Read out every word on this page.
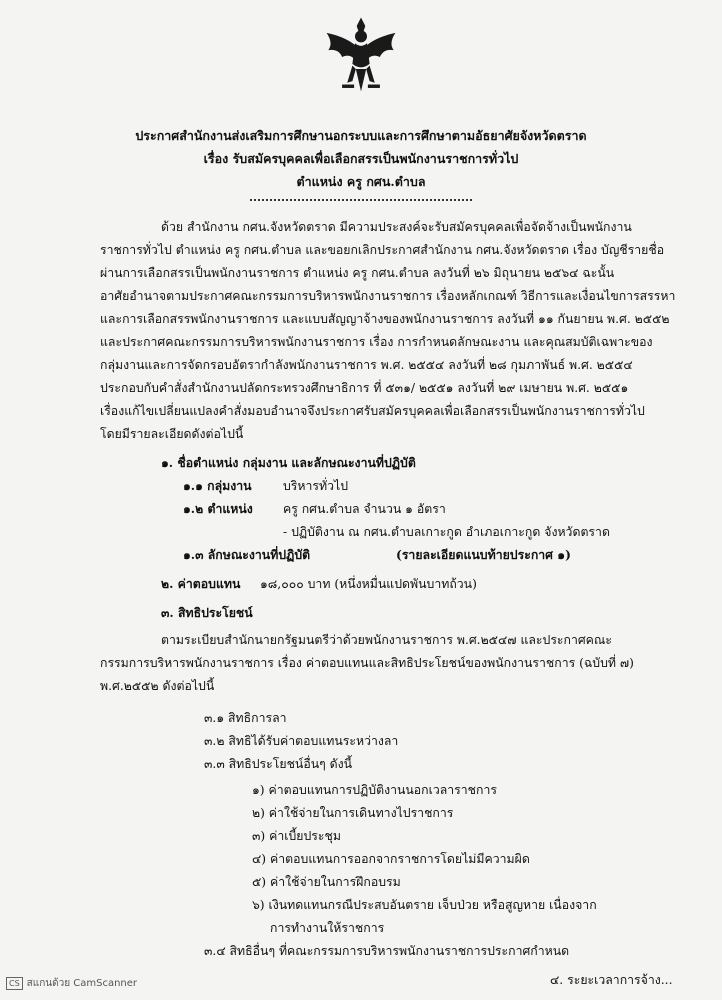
ประกาศสำนักงานส่งเสริมการศึกษานอกระบบและการศึกษาตามอัธยาศัยจังหวัดตราด
เรื่อง รับสมัครบุคคลเพื่อเลือกสรรเป็นพนักงานราชการทั่วไป
ตำแหน่ง ครู กศน.ตำบล
ด้วย สำนักงาน กศน.จังหวัดตราด มีความประสงค์จะรับสมัครบุคคลเพื่อจัดจ้างเป็นพนักงาน
ราชการทั่วไป ตำแหน่ง ครู กศน.ตำบล และขอยกเลิกประกาศสำนักงาน กศน.จังหวัดตราด เรื่อง บัญชีรายชื่อ
ผ่านการเลือกสรรเป็นพนักงานราชการ ตำแหน่ง ครู กศน.ตำบล ลงวันที่ ๒๖ มิถุนายน ๒๕๖๔ ฉะนั้น
อาศัยอำนาจตามประกาศคณะกรรมการบริหารพนักงานราชการ เรื่องหลักเกณฑ์ วิธีการและเงื่อนไขการสรรหา
และการเลือกสรรพนักงานราชการ และแบบสัญญาจ้างของพนักงานราชการ ลงวันที่ ๑๑ กันยายน พ.ศ. ๒๕๕๒
และประกาศคณะกรรมการบริหารพนักงานราชการ เรื่อง การกำหนดลักษณะงาน และคุณสมบัติเฉพาะของ
กลุ่มงานและการจัดกรอบอัตรากำลังพนักงานราชการ พ.ศ. ๒๕๕๔ ลงวันที่ ๒๘ กุมภาพันธ์ พ.ศ. ๒๕๕๔
ประกอบกับคำสั่งสำนักงานปลัดกระทรวงศึกษาธิการ ที่ ๕๓๑/ ๒๕๕๑ ลงวันที่ ๒๙ เมษายน พ.ศ. ๒๕๕๑
เรื่องแก้ไขเปลี่ยนแปลงคำสั่งมอบอำนาจจึงประกาศรับสมัครบุคคลเพื่อเลือกสรรเป็นพนักงานราชการทั่วไป
โดยมีรายละเอียดดังต่อไปนี้
๑. ชื่อตำแหน่ง กลุ่มงาน และลักษณะงานที่ปฏิบัติ
๑.๑ กลุ่มงาน	บริหารทั่วไป
๑.๒ ตำแหน่ง ครู กศน.ตำบล จำนวน ๑ อัตรา
- ปฏิบัติงาน ณ กศน.ตำบลเกาะกูด อำเภอเกาะกูด จังหวัดตราด
๑.๓ ลักษณะงานที่ปฏิบัติ	(รายละเอียดแนบท้ายประกาศ ๑)
๒. ค่าตอบแทน ๑๘,๐๐๐ บาท (หนึ่งหมื่นแปดพันบาทถ้วน)
๓. สิทธิประโยชน์
ตามระเบียบสำนักนายกรัฐมนตรีว่าด้วยพนักงานราชการ พ.ศ.๒๕๔๗ และประกาศคณะ
กรรมการบริหารพนักงานราชการ เรื่อง ค่าตอบแทนและสิทธิประโยชน์ของพนักงานราชการ (ฉบับที่ ๗)
พ.ศ.๒๕๕๒ ดังต่อไปนี้
๓.๑ สิทธิการลา
๓.๒ สิทธิได้รับค่าตอบแทนระหว่างลา
๓.๓ สิทธิประโยชน์อื่นๆ ดังนี้
๑) ค่าตอบแทนการปฏิบัติงานนอกเวลาราชการ
๒) ค่าใช้จ่ายในการเดินทางไปราชการ
๓) ค่าเบี้ยประชุม
๔) ค่าตอบแทนการออกจากราชการโดยไม่มีความผิด
๕) ค่าใช้จ่ายในการฝึกอบรม
๖) เงินทดแทนกรณีประสบอันตราย เจ็บป่วย หรือสูญหาย เนื่องจาก
การทำงานให้ราชการ
๓.๔ สิทธิอื่นๆ ที่คณะกรรมการบริหารพนักงานราชการประกาศกำหนด
๔. ระยะเวลาการจ้าง...
CS สแกนด้วย CamScanner
